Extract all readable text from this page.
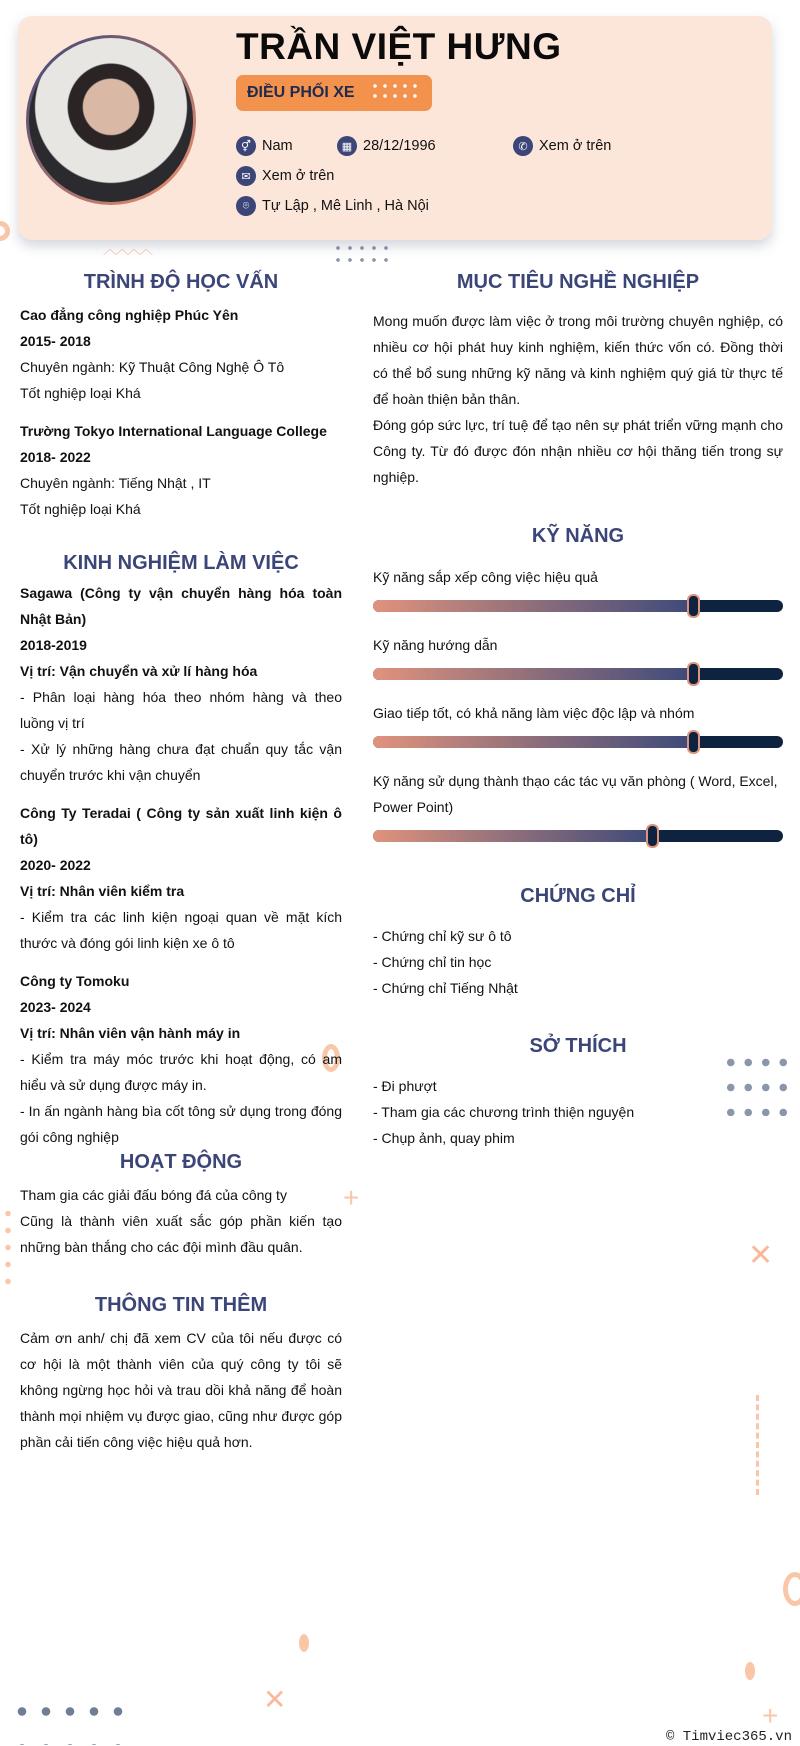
︿︿︿︿
+
✕
✕
+
TRẦN VIỆT HƯNG
ĐIỀU PHỐI XE
⚥ Nam	▦ 28/12/1996	✆ Xem ở trên
✉ Xem ở trên
⌾ Tự Lập , Mê Linh , Hà Nội
TRÌNH ĐỘ HỌC VẤN
Cao đẳng công nghiệp Phúc Yên
2015- 2018
Chuyên ngành: Kỹ Thuật Công Nghệ Ô Tô
Tốt nghiệp loại Khá
Trường Tokyo International Language College
2018- 2022
Chuyên ngành: Tiếng Nhật , IT
Tốt nghiệp loại Khá
KINH NGHIỆM LÀM VIỆC
Sagawa (Công ty vận chuyển hàng hóa toàn Nhật Bản)
2018-2019
Vị trí: Vận chuyển và xử lí hàng hóa
- Phân loại hàng hóa theo nhóm hàng và theo luồng vị trí
- Xử lý những hàng chưa đạt chuẩn quy tắc vận chuyển trước khi vận chuyển
Công Ty Teradai ( Công ty sản xuất linh kiện ô tô)
2020- 2022
Vị trí: Nhân viên kiểm tra
- Kiểm tra các linh kiện ngoại quan về mặt kích thước và đóng gói linh kiện xe ô tô
Công ty Tomoku
2023- 2024
Vị trí: Nhân viên vận hành máy in
- Kiểm tra máy móc trước khi hoạt động, có am hiểu và sử dụng được máy in.
- In ấn ngành hàng bìa cốt tông sử dụng trong đóng gói công nghiệp
HOẠT ĐỘNG
Tham gia các giải đấu bóng đá của công ty
Cũng là thành viên xuất sắc góp phần kiến tạo những bàn thắng cho các đội mình đầu quân.
THÔNG TIN THÊM
Cảm ơn anh/ chị đã xem CV của tôi nếu được có cơ hội là một thành viên của quý công ty tôi sẽ không ngừng học hỏi và trau dồi khả năng để hoàn thành mọi nhiệm vụ được giao, cũng như được góp phần cải tiến công việc hiệu quả hơn.
MỤC TIÊU NGHỀ NGHIỆP
Mong muốn được làm việc ở trong môi trường chuyên nghiệp, có nhiều cơ hội phát huy kinh nghiệm, kiến thức vốn có. Đồng thời có thể bổ sung những kỹ năng và kinh nghiệm quý giá từ thực tế để hoàn thiện bản thân.
Đóng góp sức lực, trí tuệ để tạo nên sự phát triển vững mạnh cho Công ty. Từ đó được đón nhận nhiều cơ hội thăng tiến trong sự nghiệp.
KỸ NĂNG
Kỹ năng sắp xếp công việc hiệu quả
Kỹ năng hướng dẫn
Giao tiếp tốt, có khả năng làm việc độc lập và nhóm
Kỹ năng sử dụng thành thạo các tác vụ văn phòng ( Word, Excel, Power Point)
CHỨNG CHỈ
- Chứng chỉ kỹ sư ô tô
- Chứng chỉ tin học
- Chứng chỉ Tiếng Nhật
SỞ THÍCH
- Đi phượt
- Tham gia các chương trình thiện nguyện
- Chụp ảnh, quay phim
© Timviec365.vn
